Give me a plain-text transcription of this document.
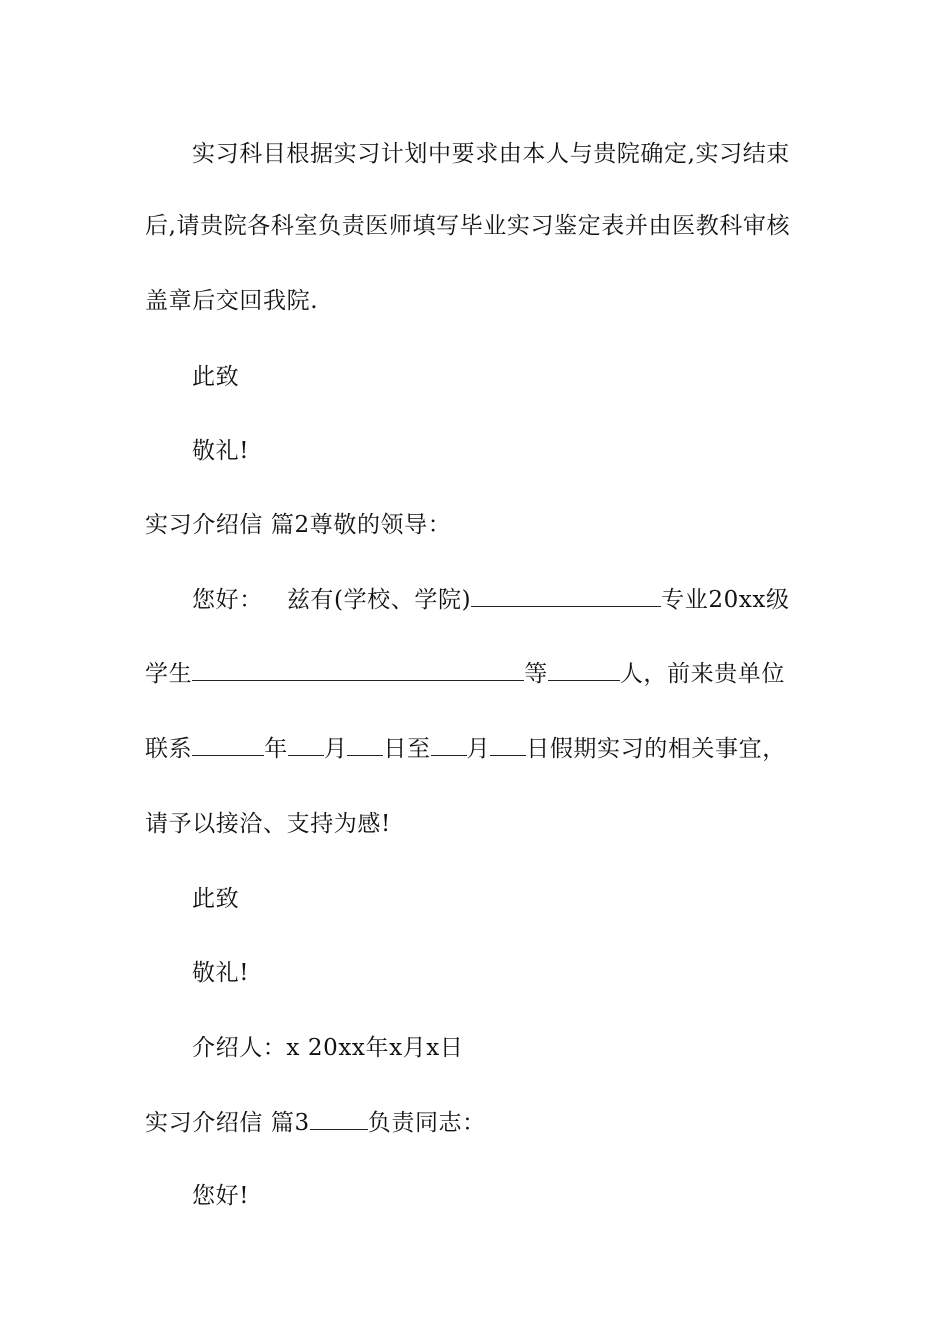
实习科目根据实习计划中要求由本人与贵院确定,实习结束
后,请贵院各科室负责医师填写毕业实习鉴定表并由医教科审核
盖章后交回我院.
此致
敬礼!
实习介绍信 篇2尊敬的领导：
您好： 兹有(学校、学院)	专业20xx级
学生	等	人，前来贵单位
联系	年 月 日至 月 日假期实习的相关事宜，
请予以接洽、支持为感!
此致
敬礼!
介绍人：x 20xx年x月x日
实习介绍信 篇3	负责同志：
您好!
